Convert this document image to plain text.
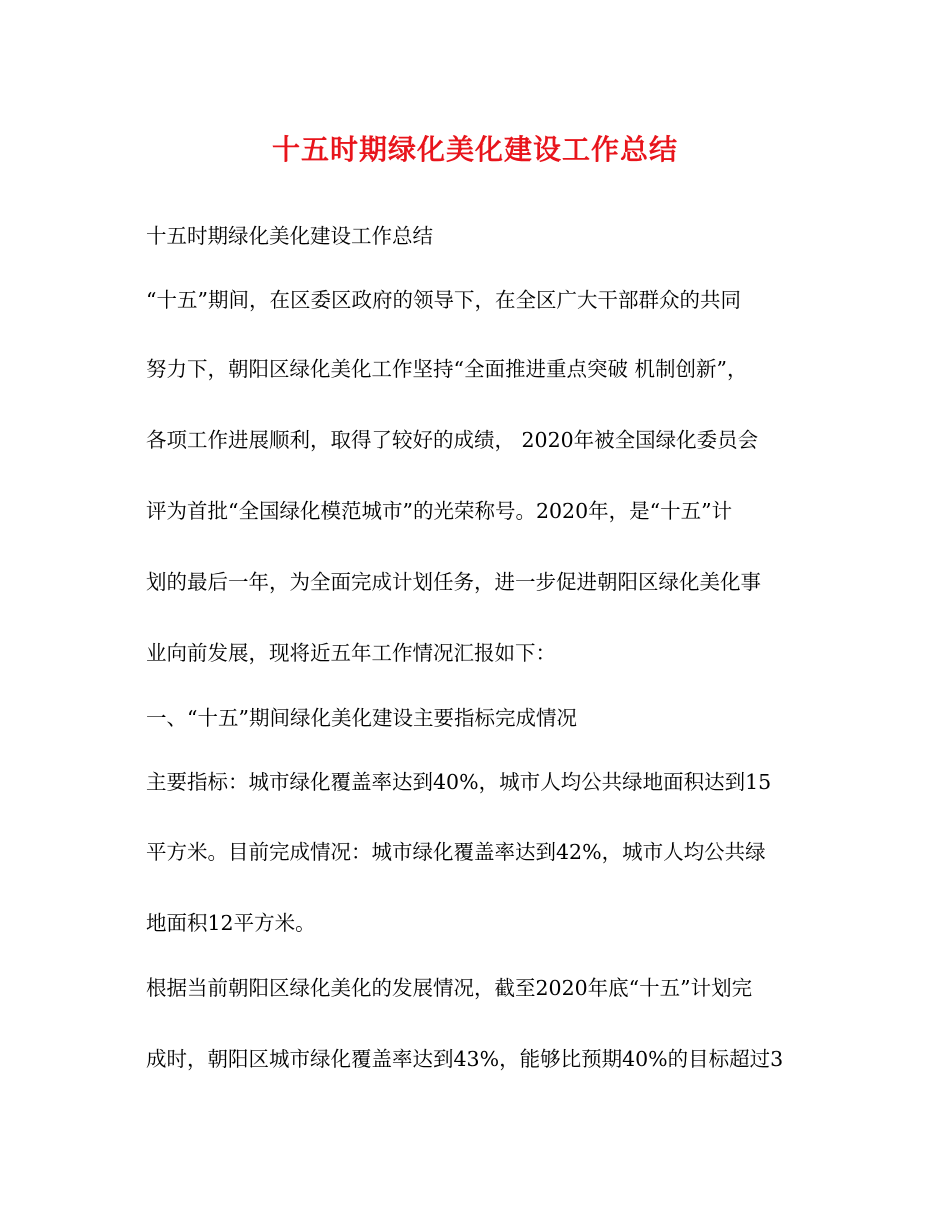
十五时期绿化美化建设工作总结
十五时期绿化美化建设工作总结
“十五”期间，在区委区政府的领导下，在全区广大干部群众的共同
努力下，朝阳区绿化美化工作坚持“全面推进重点突破 机制创新”，
各项工作进展顺利，取得了较好的成绩， 2020年被全国绿化委员会
评为首批“全国绿化模范城市”的光荣称号。2020年，是“十五”计
划的最后一年，为全面完成计划任务，进一步促进朝阳区绿化美化事
业向前发展，现将近五年工作情况汇报如下：
一、“十五”期间绿化美化建设主要指标完成情况
主要指标：城市绿化覆盖率达到40%，城市人均公共绿地面积达到15
平方米。目前完成情况：城市绿化覆盖率达到42%，城市人均公共绿
地面积12平方米。
根据当前朝阳区绿化美化的发展情况，截至2020年底“十五”计划完
成时，朝阳区城市绿化覆盖率达到43%，能够比预期40%的目标超过3
